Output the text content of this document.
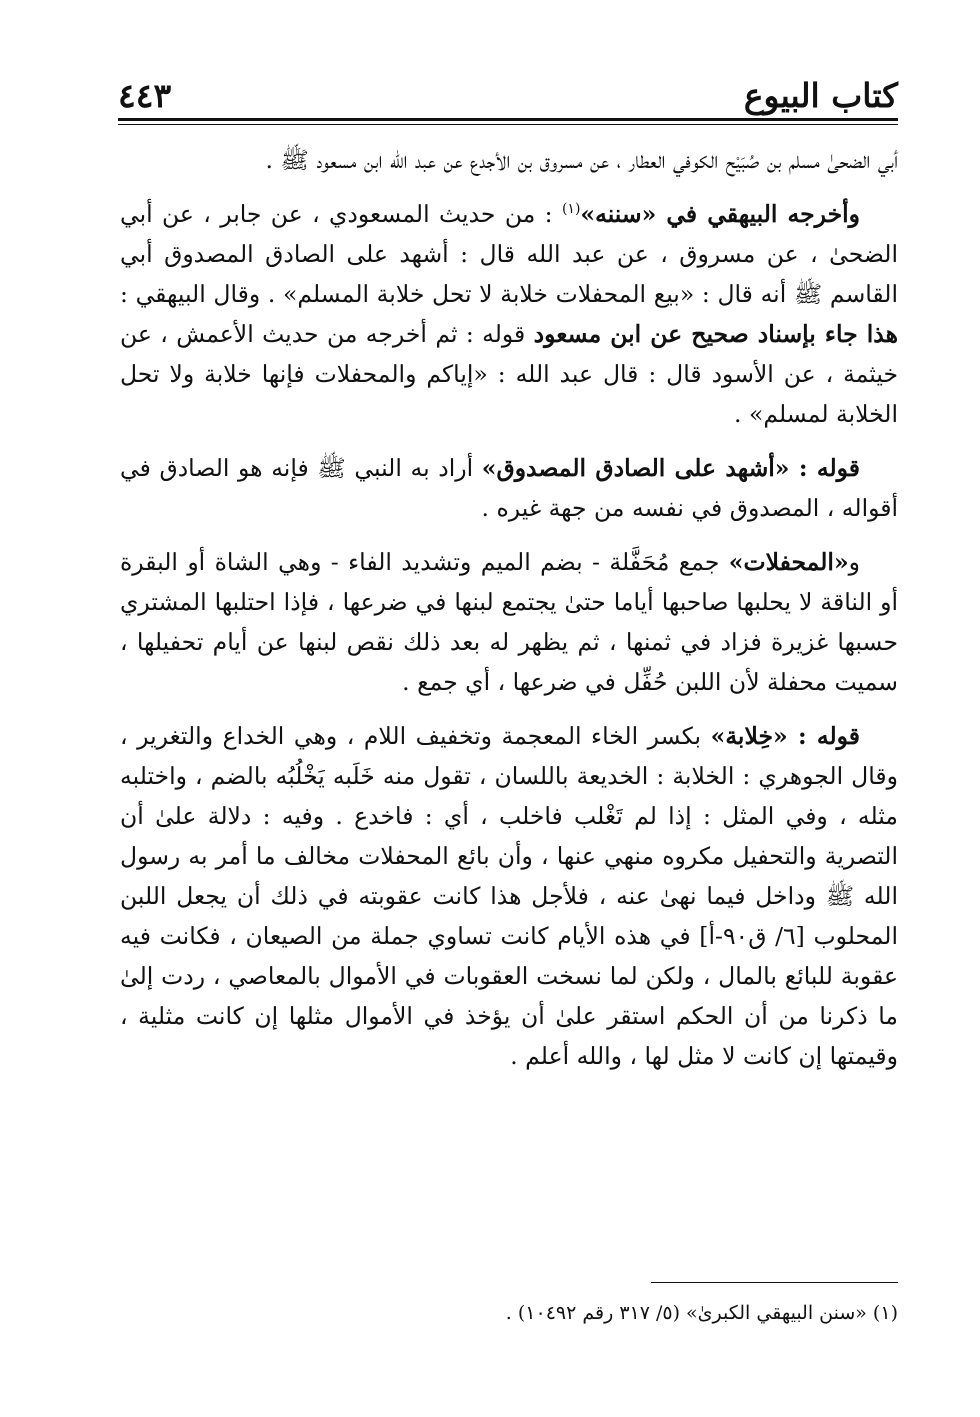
كتاب البيوع
٤٤٣

أبي الضحىٰ مسلم بن صُبَيْح الكوفي العطار ، عن مسروق بن الأجدع عن عبد الله ابن مسعود ﷺ .

وأخرجه البيهقي في «سننه»$^{(١)}$ : من حديث المسعودي ، عن جابر ، عن أبي الضحىٰ ، عن مسروق ، عن عبد الله قال : أشهد على الصادق المصدوق أبي القاسم ﷺ أنه قال : «بيع المحفلات خلابة لا تحل خلابة المسلم» . وقال البيهقي : هذا جاء بإسناد صحيح عن ابن مسعود قوله : ثم أخرجه من حديث الأعمش ، عن خيثمة ، عن الأسود قال : قال عبد الله : «إياكم والمحفلات فإنها خلابة ولا تحل الخلابة لمسلم» .

قوله : «أشهد على الصادق المصدوق» أراد به النبي ﷺ فإنه هو الصادق في أقواله ، المصدوق في نفسه من جهة غيره .

و«المحفلات» جمع مُحَفَّلة - بضم الميم وتشديد الفاء - وهي الشاة أو البقرة أو الناقة لا يحلبها صاحبها أياما حتىٰ يجتمع لبنها في ضرعها ، فإذا احتلبها المشتري حسبها غزيرة فزاد في ثمنها ، ثم يظهر له بعد ذلك نقص لبنها عن أيام تحفيلها ، سميت محفلة لأن اللبن حُفِّل في ضرعها ، أي جمع .

قوله : «خِلابة» بكسر الخاء المعجمة وتخفيف اللام ، وهي الخداع والتغرير ، وقال الجوهري : الخلابة : الخديعة باللسان ، تقول منه خَلَبه يَخْلُبُه بالضم ، واختلبه مثله ، وفي المثل : إذا لم تَغْلب فاخلب ، أي : فاخدع . وفيه : دلالة علىٰ أن التصرية والتحفيل مكروه منهي عنها ، وأن بائع المحفلات مخالف ما أمر به رسول الله ﷺ وداخل فيما نهىٰ عنه ، فلأجل هذا كانت عقوبته في ذلك أن يجعل اللبن المحلوب [٦/ ق٩٠-أ] في هذه الأيام كانت تساوي جملة من الصيعان ، فكانت فيه عقوبة للبائع بالمال ، ولكن لما نسخت العقوبات في الأموال بالمعاصي ، ردت إلىٰ ما ذكرنا من أن الحكم استقر علىٰ أن يؤخذ في الأموال مثلها إن كانت مثلية ، وقيمتها إن كانت لا مثل لها ، والله أعلم .

(١) «سنن البيهقي الكبرىٰ» (٥/ ٣١٧ رقم ١٠٤٩٢) .
